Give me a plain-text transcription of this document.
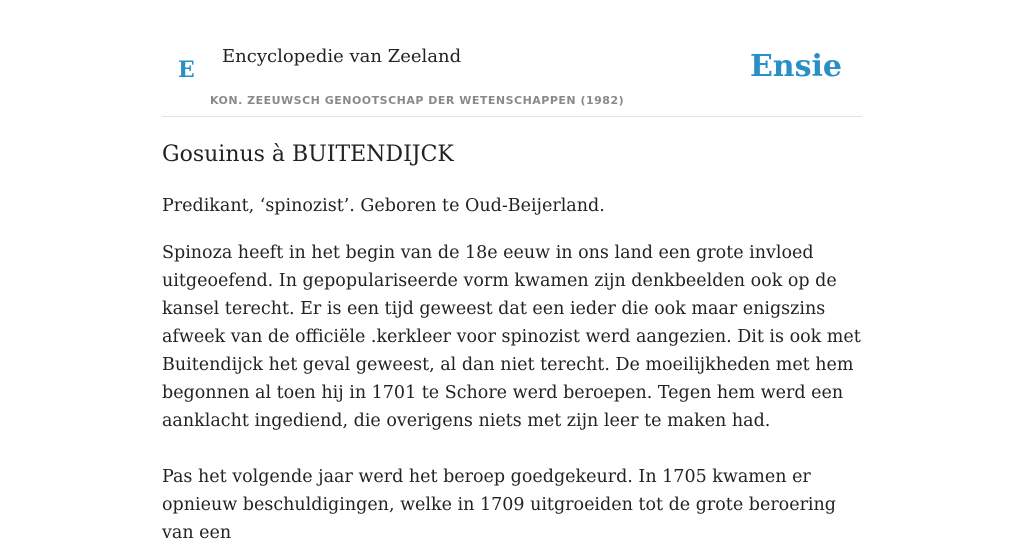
E
Encyclopedie van Zeeland
KON. ZEEUWSCH GENOOTSCHAP DER WETENSCHAPPEN (1982)
Ensie
Gosuinus à BUITENDIJCK

Predikant, ‘spinozist’. Geboren te Oud-Beijerland.

Spinoza heeft in het begin van de 18e eeuw in ons land een grote invloed uitgeoefend. In gepopulariseerde vorm kwamen zijn denkbeelden ook op de kansel terecht. Er is een tijd geweest dat een ieder die ook maar enigszins afweek van de officiële .kerkleer voor spinozist werd aangezien. Dit is ook met Buitendijck het geval geweest, al dan niet terecht. De moeilijkheden met hem begonnen al toen hij in 1701 te Schore werd beroepen. Tegen hem werd een aanklacht ingediend, die overigens niets met zijn leer te maken had.

Pas het volgende jaar werd het beroep goedgekeurd. In 1705 kwamen er opnieuw beschuldigingen, welke in 1709 uitgroeiden tot de grote beroering van een
